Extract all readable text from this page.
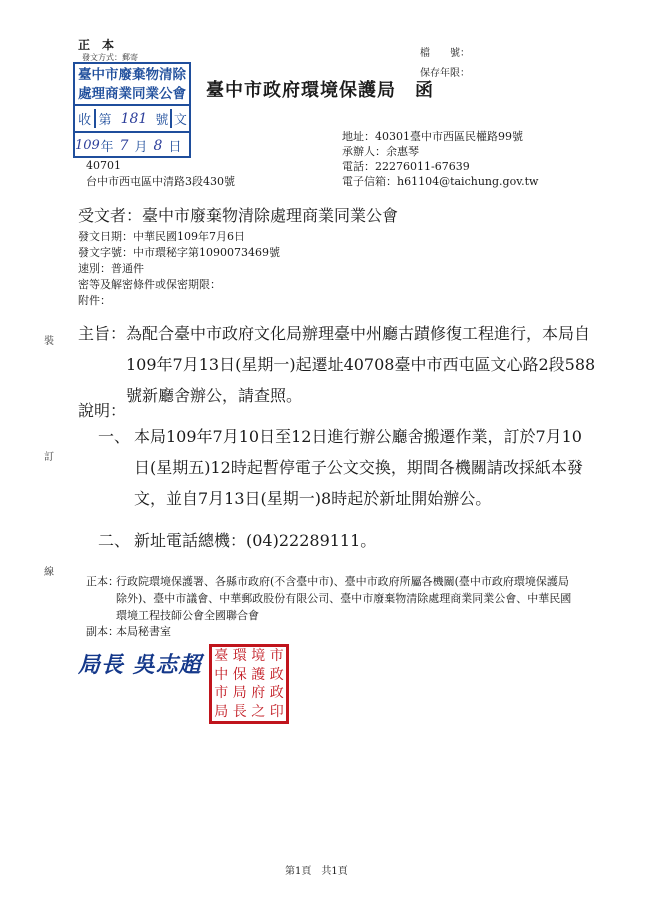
正　本
發文方式：郵寄
臺中市廢棄物清除
處理商業同業公會
收 第 181 號 文
109 年 7 月 8 日
臺中市政府環境保護局　函
檔　　號：
保存年限：
40701
台中市西屯區中清路3段430號
地址：40301臺中市西區民權路99號
承辦人：余惠琴
電話：22276011-67639
電子信箱：h61104@taichung.gov.tw
受文者：臺中市廢棄物清除處理商業同業公會
發文日期：中華民國109年7月6日
發文字號：中市環秘字第1090073469號
速別：普通件
密等及解密條件或保密期限：
附件：
主旨： 為配合臺中市政府文化局辦理臺中州廳古蹟修復工程進行，本局自109年7月13日(星期一)起遷址40708臺中市西屯區文心路2段588號新廳舍辦公，請查照。
說明：
一、 本局109年7月10日至12日進行辦公廳舍搬遷作業，訂於7月10日(星期五)12時起暫停電子公文交換，期間各機關請改採紙本發文，並自7月13日(星期一)8時起於新址開始辦公。
二、 新址電話總機：(04)22289111。
正本：
行政院環境保護署、各縣市政府(不含臺中市)、臺中市政府所屬各機關(臺中市政府環境保護局除外)、臺中市議會、中華郵政股份有限公司、臺中市廢棄物清除處理商業同業公會、中華民國環境工程技師公會全國聯合會
副本：
本局秘書室
裝
訂
線
局長 吳志超 臺 環 境 市
中 保 護 政
市 局 府 政
局 長 之 印
第1頁　共1頁
